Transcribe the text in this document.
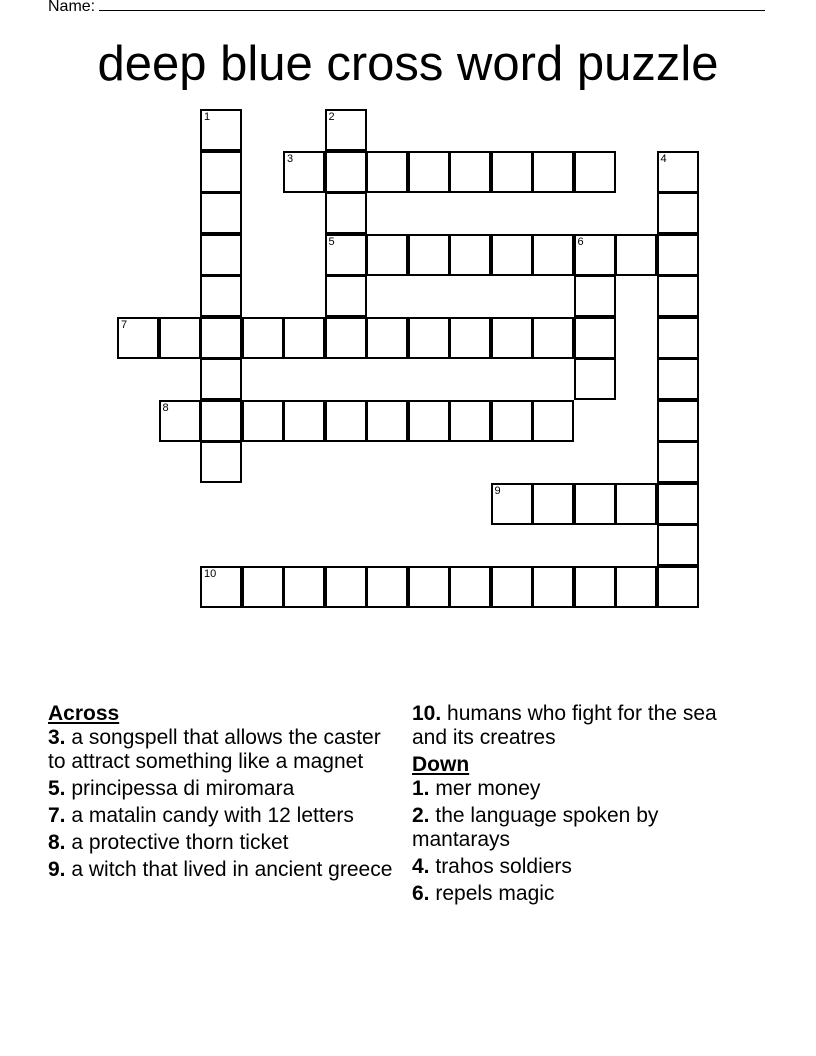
Name:
deep blue cross word puzzle
1	2
5
3	4
6
7
8
9
10
Across
3. a songspell that allows the caster to attract something like a magnet
5. principessa di miromara
7. a matalin candy with 12 letters
8. a protective thorn ticket
9. a witch that lived in ancient greece
10. humans who fight for the sea and its creatres
Down
1. mer money
2. the language spoken by mantarays
4. trahos soldiers
6. repels magic
